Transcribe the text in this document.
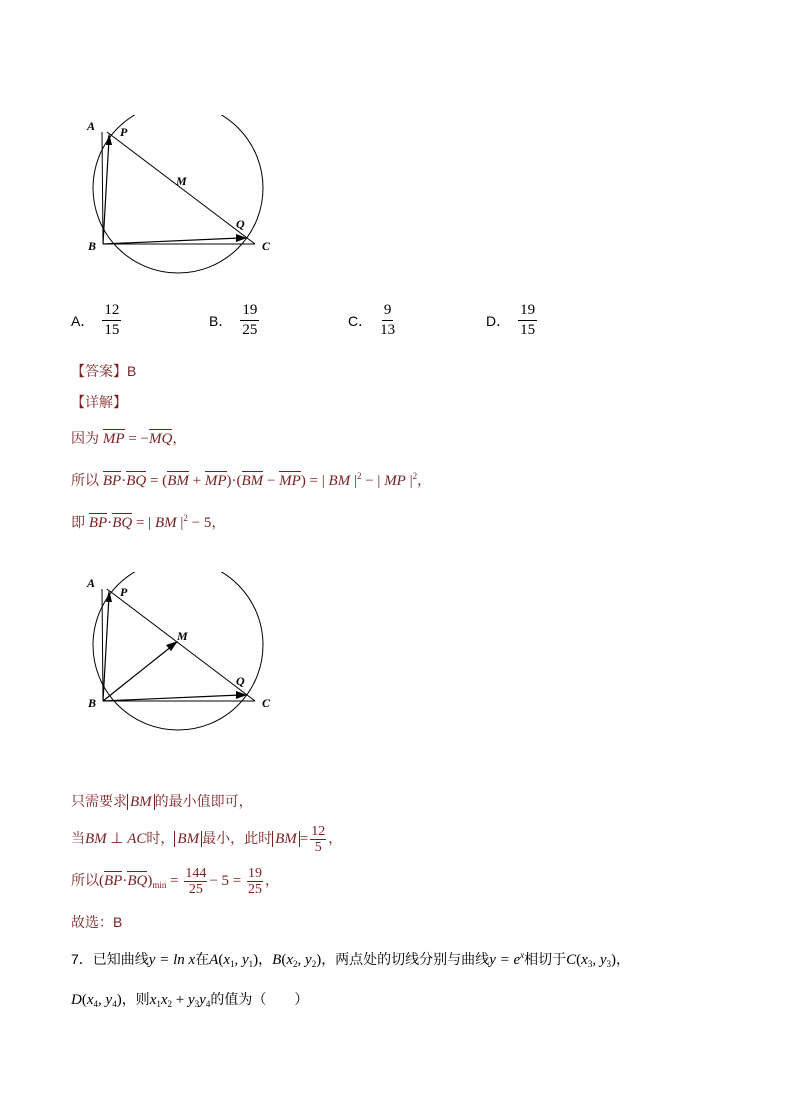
A P
M
Q
B	C
A． $\frac{12}{15}$	B． $\frac{19}{25}$	C． $\frac{9}{13}$	D． $\frac{19}{15}$
【答案】B
【详解】
因为 MP = −MQ，
所以 BP·BQ = (BM + MP)·(BM − MP) = | BM $|^2$ − | MP $|^2$，
即 BP·BQ = | BM $|^2 - 5$，
A
P
M
Q
B	C
只需要求 BM 的最小值即可，
当BM ⊥ AC时， BM 最小，此时 BM = $\frac{12}{5}$ ，
所以$(BP\cdot BQ)_{min} = \frac{144}{25} - 5 = \frac{19}{25}$ ，
故选：B
7．已知曲线y = ln x在$A(x_1$, $y_1$)，$B(x_2$, $y_2$)，两点处的切线分别与曲线$y = e^x$相切于$C(x_3$, $y_3$)，
$D(x_4$, $y_4$)，则$x_1x_2 + y_3y_4$的值为（　　）
